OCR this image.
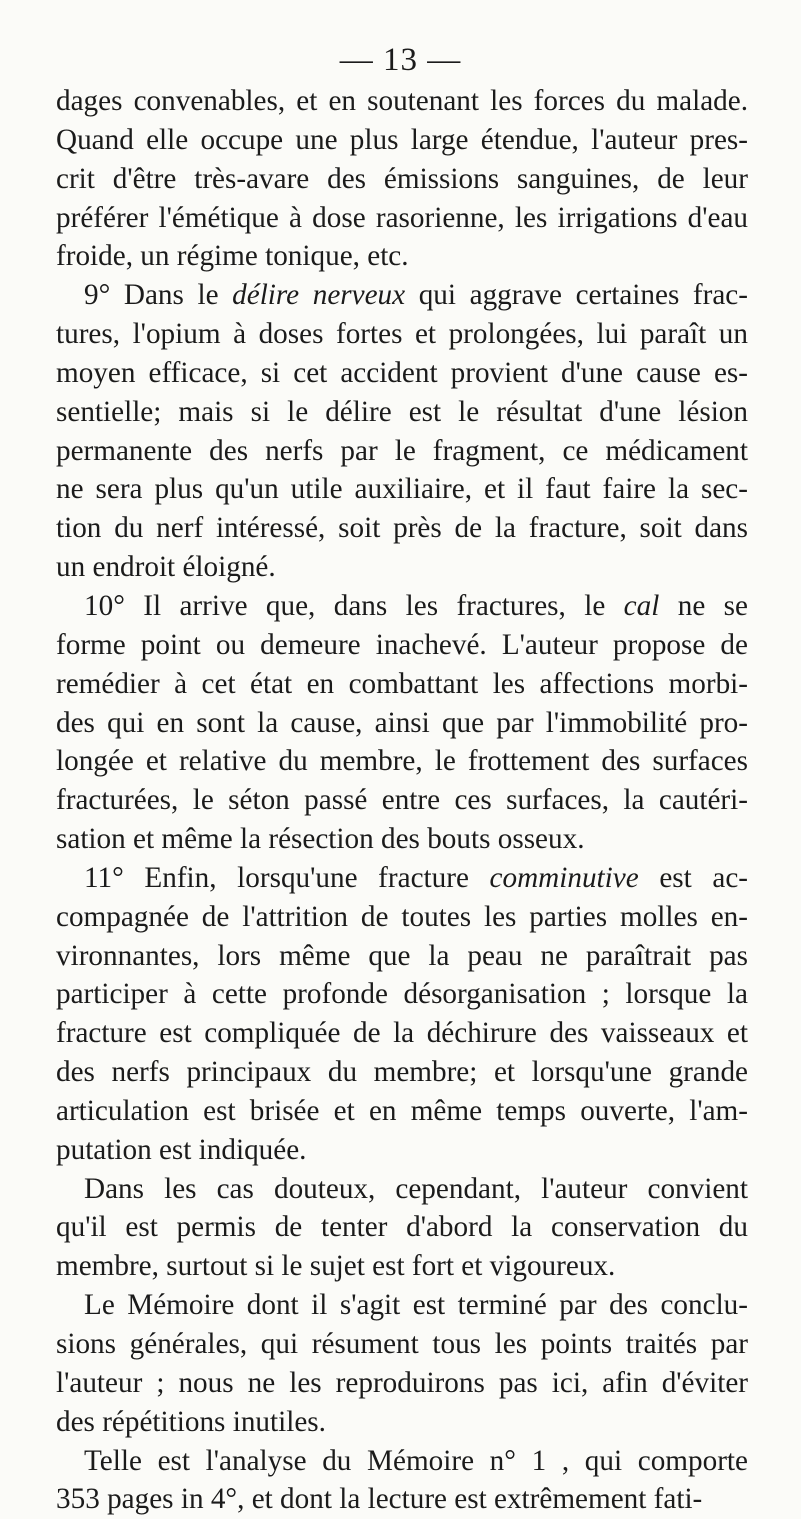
— 13 —
dages convenables, et en soutenant les forces du malade.
Quand elle occupe une plus large étendue, l'auteur pres-
crit d'être très-avare des émissions sanguines, de leur
préférer l'émétique à dose rasorienne, les irrigations d'eau
froide, un régime tonique, etc.
9° Dans le délire nerveux qui aggrave certaines frac-
tures, l'opium à doses fortes et prolongées, lui paraît un
moyen efficace, si cet accident provient d'une cause es-
sentielle; mais si le délire est le résultat d'une lésion
permanente des nerfs par le fragment, ce médicament
ne sera plus qu'un utile auxiliaire, et il faut faire la sec-
tion du nerf intéressé, soit près de la fracture, soit dans
un endroit éloigné.
10° Il arrive que, dans les fractures, le cal ne se
forme point ou demeure inachevé. L'auteur propose de
remédier à cet état en combattant les affections morbi-
des qui en sont la cause, ainsi que par l'immobilité pro-
longée et relative du membre, le frottement des surfaces
fracturées, le séton passé entre ces surfaces, la cautéri-
sation et même la résection des bouts osseux.
11° Enfin, lorsqu'une fracture comminutive est ac-
compagnée de l'attrition de toutes les parties molles en-
vironnantes, lors même que la peau ne paraîtrait pas
participer à cette profonde désorganisation ; lorsque la
fracture est compliquée de la déchirure des vaisseaux et
des nerfs principaux du membre; et lorsqu'une grande
articulation est brisée et en même temps ouverte, l'am-
putation est indiquée.
Dans les cas douteux, cependant, l'auteur convient
qu'il est permis de tenter d'abord la conservation du
membre, surtout si le sujet est fort et vigoureux.
Le Mémoire dont il s'agit est terminé par des conclu-
sions générales, qui résument tous les points traités par
l'auteur ; nous ne les reproduirons pas ici, afin d'éviter
des répétitions inutiles.
Telle est l'analyse du Mémoire n° 1 , qui comporte
353 pages in 4°, et dont la lecture est extrêmement fati-
